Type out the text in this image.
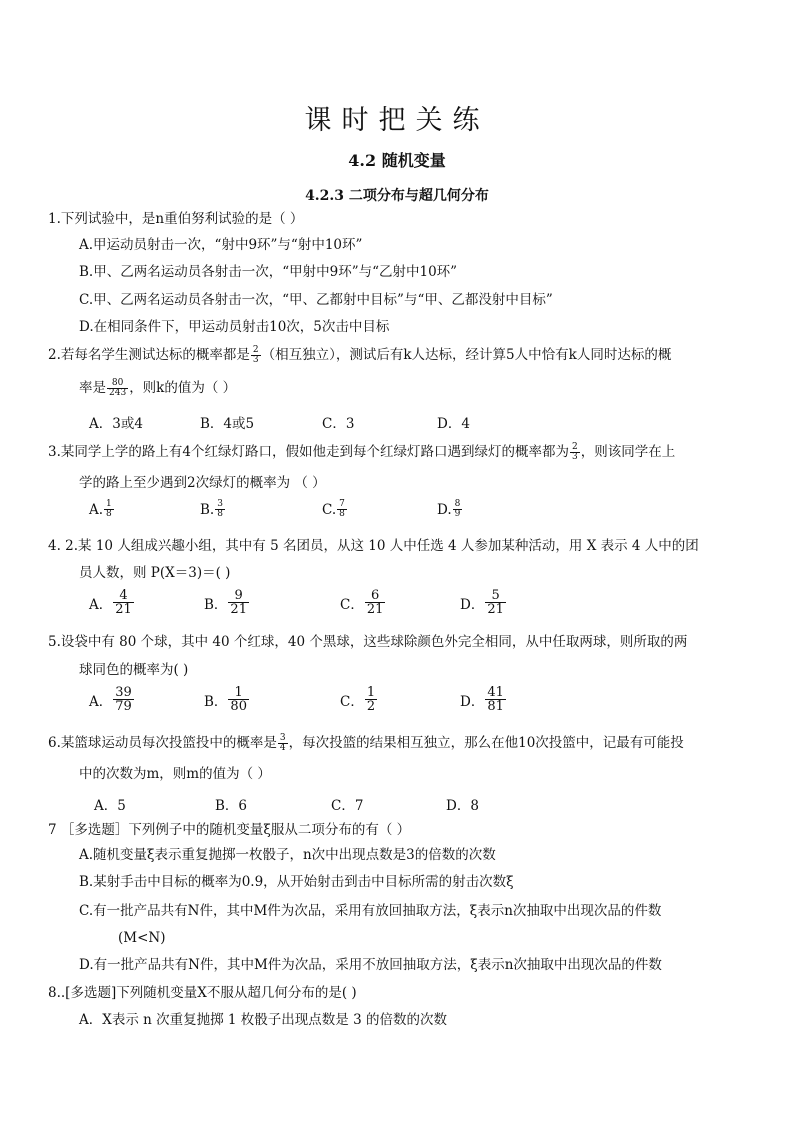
课时把关练
4.2 随机变量
4.2.3 二项分布与超几何分布
1.下列试验中，是n重伯努利试验的是（ ）
A.甲运动员射击一次，“射中9环”与“射中10环”
B.甲、乙两名运动员各射击一次，“甲射中9环”与“乙射中10环”
C.甲、乙两名运动员各射击一次，“甲、乙都射中目标”与“甲、乙都没射中目标”
D.在相同条件下，甲运动员射击10次，5次击中目标
2.若每名学生测试达标的概率都是 $\frac{2}{3}$ （相互独立），测试后有k人达标，经计算5人中恰有k人同时达标的概
率是 $\frac{80}{243}$ ，则k的值为（ ）
A．3或4	B．4或5	C．3	D．4
3.某同学上学的路上有4个红绿灯路口，假如他走到每个红绿灯路口遇到绿灯的概率都为 $\frac{2}{3}$ ，则该同学在上
学的路上至少遇到2次绿灯的概率为 （ ）
A. $\frac{1}{8}$	B. $\frac{3}{8}$	C. $\frac{7}{8}$	D. $\frac{8}{9}$
4. 2.某 10 人组成兴趣小组，其中有 5 名团员，从这 10 人中任选 4 人参加某种活动，用 X 表示 4 人中的团
员人数，则 P(X＝3)＝( )
A． $\frac{4}{21}$	B． $\frac{9}{21}$	C． $\frac{6}{21}$	D． $\frac{5}{21}$
5.设袋中有 80 个球，其中 40 个红球，40 个黑球，这些球除颜色外完全相同，从中任取两球，则所取的两
球同色的概率为( )
A． $\frac{39}{79}$	B． $\frac{1}{80}$	C． $\frac{1}{2}$	D． $\frac{41}{81}$
6.某篮球运动员每次投篮投中的概率是 $\frac{3}{4}$ ，每次投篮的结果相互独立，那么在他10次投篮中，记最有可能投
中的次数为m，则m的值为（ ）
A．5	B．6	C．7	D．8
7 ［多选题］下列例子中的随机变量ξ服从二项分布的有（ ）
A.随机变量ξ表示重复抛掷一枚骰子，n次中出现点数是3的倍数的次数
B.某射手击中目标的概率为0.9，从开始射击到击中目标所需的射击次数ξ
C.有一批产品共有N件，其中M件为次品，采用有放回抽取方法，ξ表示n次抽取中出现次品的件数
(M<N)
D.有一批产品共有N件，其中M件为次品，采用不放回抽取方法，ξ表示n次抽取中出现次品的件数
8..[多选题]下列随机变量X不服从超几何分布的是( )
A．X表示 n 次重复抛掷 1 枚骰子出现点数是 3 的倍数的次数
